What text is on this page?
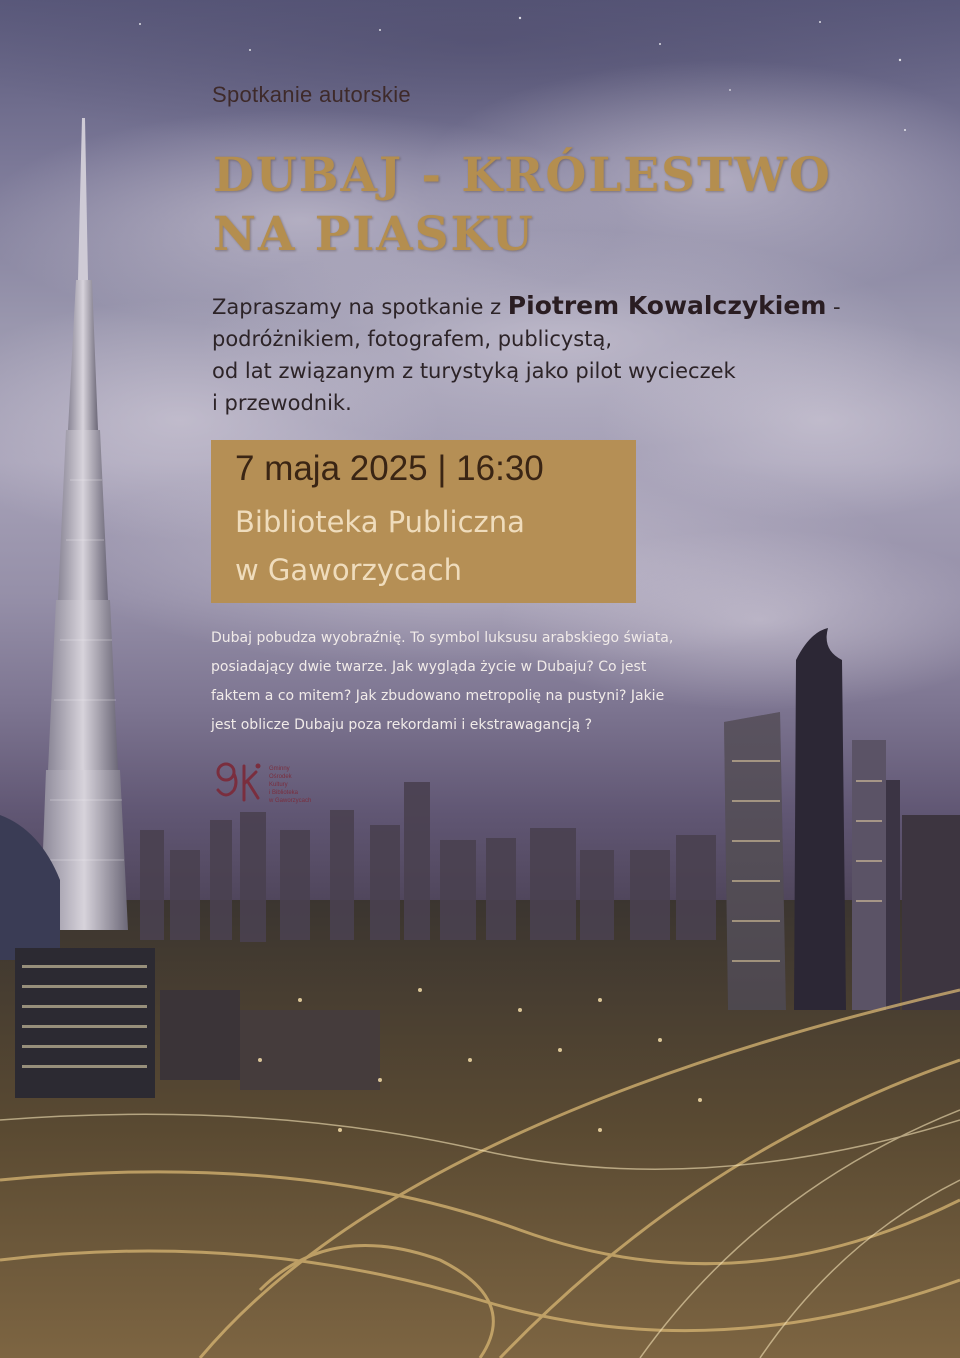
Spotkanie autorskie
DUBAJ - KRÓLESTWO
NA PIASKU
Zapraszamy na spotkanie z Piotrem Kowalczykiem -
podróżnikiem, fotografem, publicystą,
od lat związanym z turystyką jako pilot wycieczek
i przewodnik.
7 maja 2025 | 16:30
Biblioteka Publiczna
w Gaworzycach
Dubaj pobudza wyobraźnię. To symbol luksusu arabskiego świata,
posiadający dwie twarze. Jak wygląda życie w Dubaju? Co jest
faktem a co mitem? Jak zbudowano metropolię na pustyni? Jakie
jest oblicze Dubaju poza rekordami i ekstrawagancją ?
Gminny
Ośrodek
Kultury
i Biblioteka
w Gaworzycach
